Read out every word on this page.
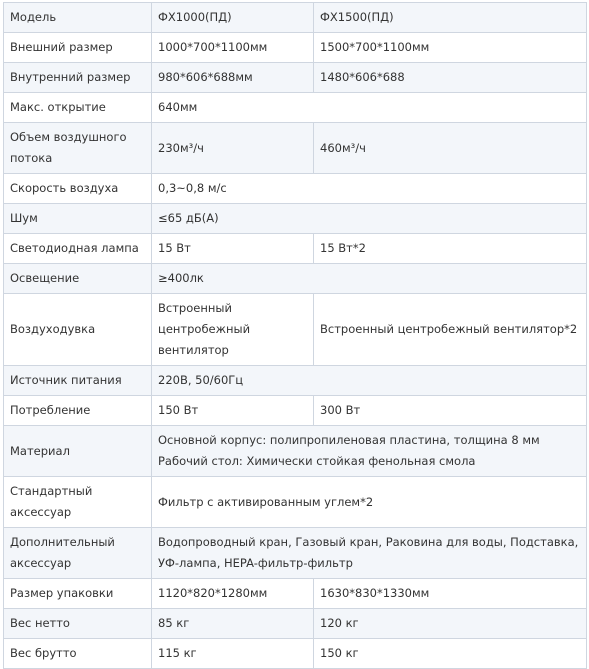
Модель	ФХ1000(ПД)	ФХ1500(ПД)
Внешний размер	1000*700*1100мм	1500*700*1100мм
Внутренний размер	980*606*688мм	1480*606*688
Макс. открытие	640мм	
Объем воздушного потока	230м³/ч	460м³/ч
Скорость воздуха	0,3~0,8 м/с	
Шум	≤65 дБ(А)	
Светодиодная лампа	15 Вт	15 Вт*2
Освещение	≥400лк	
Воздуходувка	Встроенный центробежный вентилятор	Встроенный центробежный вентилятор*2
Источник питания	220В, 50/60Гц	
Потребление	150 Вт	300 Вт
Материал	Основной корпус: полипропиленовая пластина, толщина 8 мм
Рабочий стол: Химически стойкая фенольная смола	

Стандартный аксессуар	Фильтр с активированным углем*2	
Дополнительный аксессуар	Водопроводный кран, Газовый кран, Раковина для воды, Подставка, УФ-лампа, HEPA-фильтр-фильтр	
Размер упаковки	1120*820*1280мм	1630*830*1330мм
Вес нетто	85 кг	120 кг
Вес брутто	115 кг	150 кг
